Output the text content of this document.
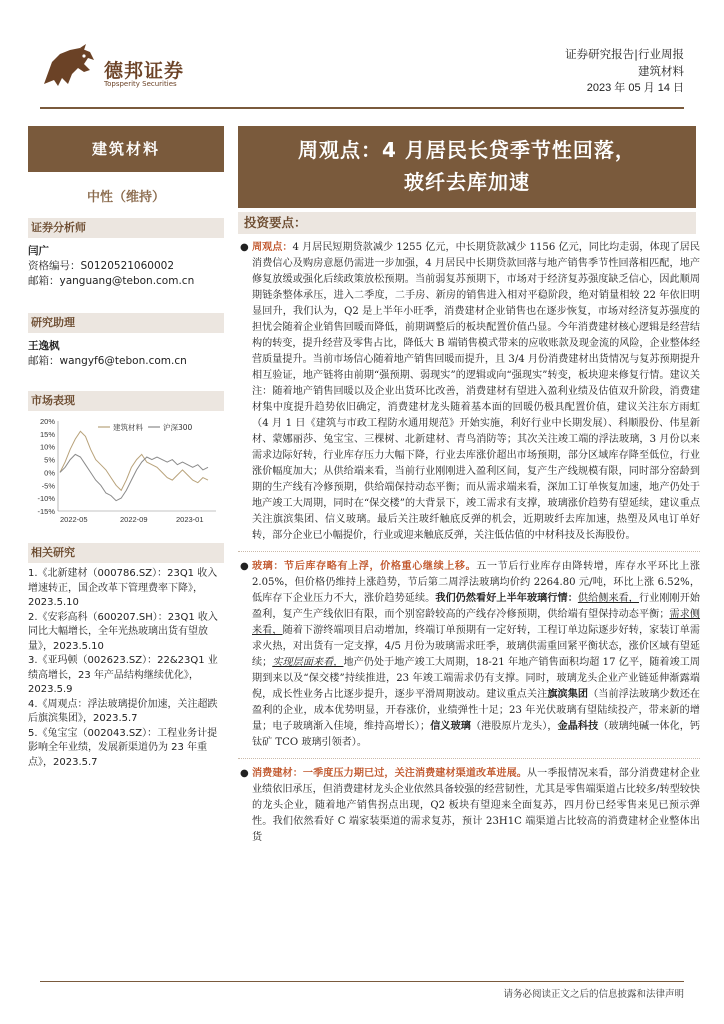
德邦证券
Topsperity Securities
证券研究报告|行业周报
建筑材料
2023 年 05 月 14 日
建筑材料
中性（维持）
证券分析师
闫广
资格编号：S0120521060002
邮箱：yanguang@tebon.com.cn
研究助理
王逸枫
邮箱：wangyf6@tebon.com.cn
市场表现
20%
15%
10%
5%
0%
-5%
-10%
-15%
2022-05	2022-09	2023-01
建筑材料	沪深300
相关研究
1.《北新建材（000786.SZ）：23Q1 收入增速转正，国企改革下管理费率下降》，2023.5.10
2.《安彩高科（600207.SH）：23Q1 收入同比大幅增长，全年光热玻璃出货有望放量》，2023.5.10
3.《亚玛顿（002623.SZ）：22&23Q1 业绩高增长，23 年产品结构继续优化》，2023.5.9
4.《周观点：浮法玻璃提价加速，关注超跌后旗滨集团》，2023.5.7
5.《兔宝宝（002043.SZ）：工程业务计提影响全年业绩，发展新渠道仍为 23 年重点》，2023.5.7
周观点：4 月居民长贷季节性回落，
玻纤去库加速
投资要点：
● 周观点：4 月居民短期贷款减少 1255 亿元，中长期贷款减少 1156 亿元，同比均走弱，体现了居民消费信心及购房意愿仍需进一步加强，4 月居民中长期贷款回落与地产销售季节性回落相匹配，地产修复放缓或强化后续政策放松预期。当前弱复苏预期下，市场对于经济复苏强度缺乏信心，因此顺周期链条整体承压，进入二季度，二手房、新房的销售进入相对平稳阶段，绝对销量相较 22 年依旧明显回升，我们认为，Q2 是上半年小旺季，消费建材企业销售也在逐步恢复，市场对经济复苏强度的担忧会随着企业销售回暖而降低，前期调整后的板块配置价值凸显。今年消费建材核心逻辑是经营结构的转变，提升经营及零售占比，降低大 B 端销售模式带来的应收账款及现金流的风险，企业整体经营质量提升。当前市场信心随着地产销售回暖而提升，且 3/4 月份消费建材出货情况与复苏预期提升相互验证，地产链将由前期“强预期、弱现实”的逻辑或向“强现实”转变，板块迎来修复行情。建议关注：随着地产销售回暖以及企业出货环比改善，消费建材有望进入盈利业绩及估值双升阶段，消费建材集中度提升趋势依旧确定，消费建材龙头随着基本面的回暖仍极具配置价值，建议关注东方雨虹（4 月 1 日《建筑与市政工程防水通用规范》开始实施，利好行业中长期发展）、科顺股份、伟星新材、蒙娜丽莎、兔宝宝、三棵树、北新建材、青鸟消防等；其次关注竣工端的浮法玻璃，3 月份以来需求边际好转，行业库存压力大幅下降，行业去库涨价超出市场预期，部分区域库存降至低位，行业涨价幅度加大；从供给端来看，当前行业刚刚进入盈利区间，复产生产线规模有限，同时部分窑龄到期的生产线有冷修预期，供给端保持动态平衡；而从需求端来看，深加工订单恢复加速，地产仍处于地产竣工大周期，同时在“保交楼”的大背景下，竣工需求有支撑，玻璃涨价趋势有望延续，建议重点关注旗滨集团、信义玻璃。最后关注玻纤触底反弹的机会，近期玻纤去库加速，热塑及风电订单好转，部分企业已小幅提价，行业或迎来触底反弹，关注低估值的中材科技及长海股份。
● 玻璃：节后库存略有上浮，价格重心继续上移。五一节后行业库存由降转增，库存水平环比上涨 2.05%，但价格仍维持上涨趋势，节后第二周浮法玻璃均价约 2264.80 元/吨，环比上涨 6.52%，低库存下企业压力不大，涨价趋势延续。我们仍然看好上半年玻璃行情：供给侧来看，行业刚刚开始盈利，复产生产线依旧有限，而个别窑龄较高的产线存冷修预期，供给端有望保持动态平衡；需求侧来看，随着下游终端项目启动增加，终端订单预期有一定好转，工程订单边际逐步好转，家装订单需求火热，对出货有一定支撑，4/5 月份为玻璃需求旺季，玻璃供需重回紧平衡状态，涨价区域有望延续；实现层面来看，地产仍处于地产竣工大周期，18-21 年地产销售面积均超 17 亿平，随着竣工周期到来以及“保交楼”持续推进，23 年竣工端需求仍有支撑。同时，玻璃龙头企业产业链延伸渐露端倪，成长性业务占比逐步提升，逐步平滑周期波动。建议重点关注旗滨集团（当前浮法玻璃少数还在盈利的企业，成本优势明显，开春涨价，业绩弹性十足；23 年光伏玻璃有望陆续投产，带来新的增量；电子玻璃渐入佳境，维持高增长）；信义玻璃（港股原片龙头），金晶科技（玻璃纯碱一体化，钙钛矿 TCO 玻璃引领者）。
● 消费建材：一季度压力期已过，关注消费建材渠道改革进展。从一季报情况来看，部分消费建材企业业绩依旧承压，但消费建材龙头企业依然具备较强的经营韧性，尤其是零售端渠道占比较多/转型较快的龙头企业，随着地产销售拐点出现，Q2 板块有望迎来全面复苏，四月份已经零售来见已预示弹性。我们依然看好 C 端家装渠道的需求复苏，预计 23H1C 端渠道占比较高的消费建材企业整体出货
请务必阅读正文之后的信息披露和法律声明
